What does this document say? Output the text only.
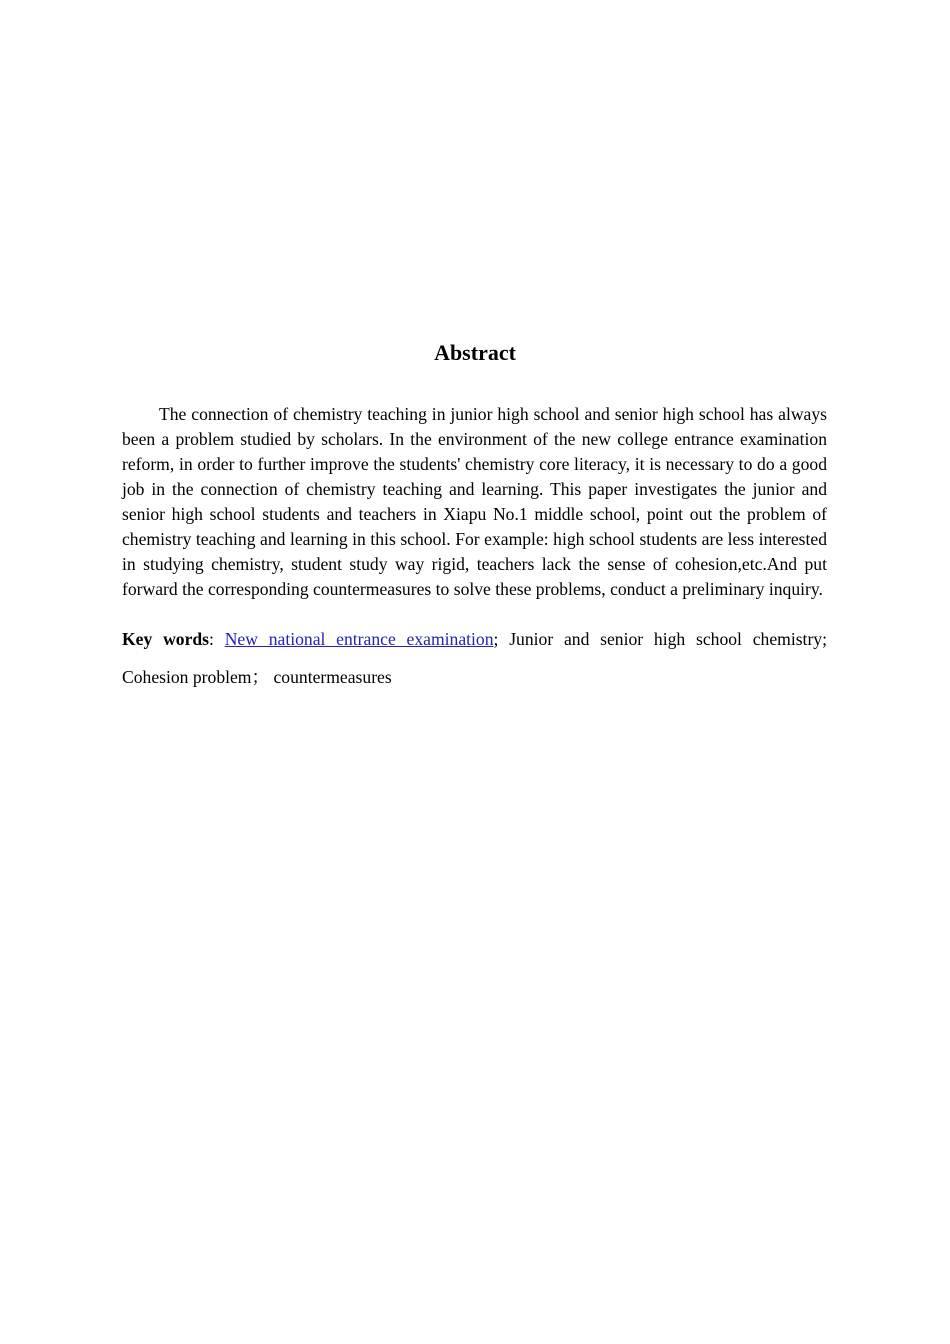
Abstract

The connection of chemistry teaching in junior high school and senior high school has always been a problem studied by scholars. In the environment of the new college entrance examination reform, in order to further improve the students' chemistry core literacy, it is necessary to do a good job in the connection of chemistry teaching and learning. This paper investigates the junior and senior high school students and teachers in Xiapu No.1 middle school, point out the problem of chemistry teaching and learning in this school. For example: high school students are less interested in studying chemistry, student study way rigid, teachers lack the sense of cohesion,etc.And put forward the corresponding countermeasures to solve these problems, conduct a preliminary inquiry.

Key words: New national entrance examination; Junior and senior high school chemistry;

Cohesion problem； countermeasures
